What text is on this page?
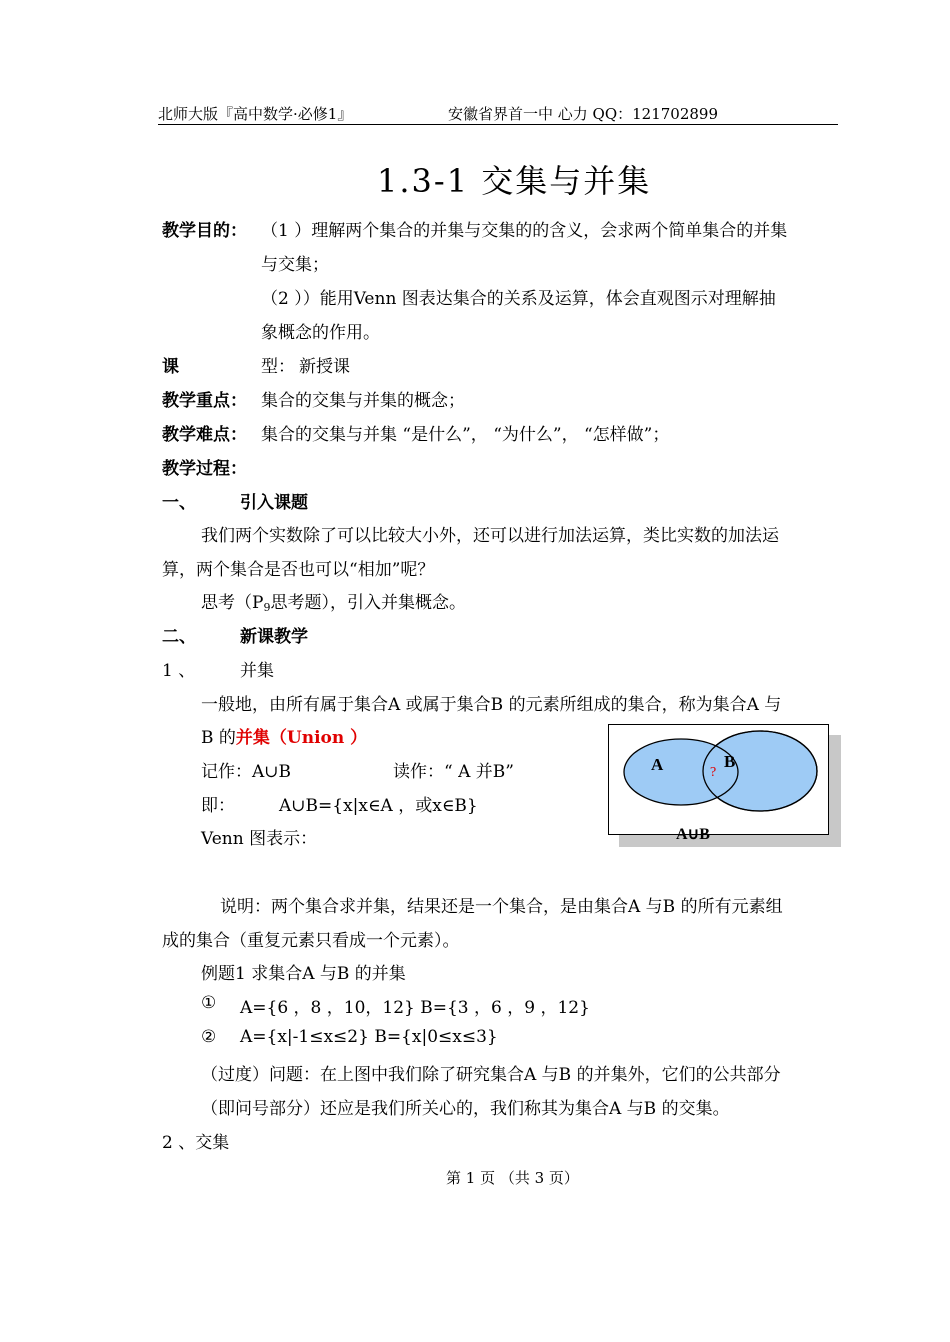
北师大版『高中数学·必修1』	安徽省界首一中 心力 QQ：121702899
1.3-1 交集与并集
教学目的： （1 ）理解两个集合的并集与交集的的含义，会求两个简单集合的并集
与交集；
（2 ））能用Venn 图表达集合的关系及运算，体会直观图示对理解抽
象概念的作用。
课	型： 新授课
教学重点： 集合的交集与并集的概念；
教学难点： 集合的交集与并集 “是什么”， “为什么”， “怎样做”；
教学过程：
一、	引入课题
我们两个实数除了可以比较大小外，还可以进行加法运算，类比实数的加法运
算，两个集合是否也可以“相加”呢？
思考（$P_9$思考题），引入并集概念。
二、	新课教学
1 、	并集
一般地，由所有属于集合A 或属于集合B 的元素所组成的集合，称为集合A 与
B 的并集（Union ）
记作：A∪B	读作：“ A 并B”
即：	A∪B={x|x∈A ，或x∈B}
Venn 图表示：
A	B
?
A∪B
说明：两个集合求并集，结果还是一个集合，是由集合A 与B 的所有元素组
成的集合（重复元素只看成一个元素）。
例题1 求集合A 与B 的并集
① A={6 ，8 ，10，12} B={3 ，6 ，9 ，12}
② A={x|-1≤x≤2} B={x|0≤x≤3}
（过度）问题：在上图中我们除了研究集合A 与B 的并集外，它们的公共部分
（即问号部分）还应是我们所关心的，我们称其为集合A 与B 的交集。
2 、交集
第 1 页 （共 3 页）
